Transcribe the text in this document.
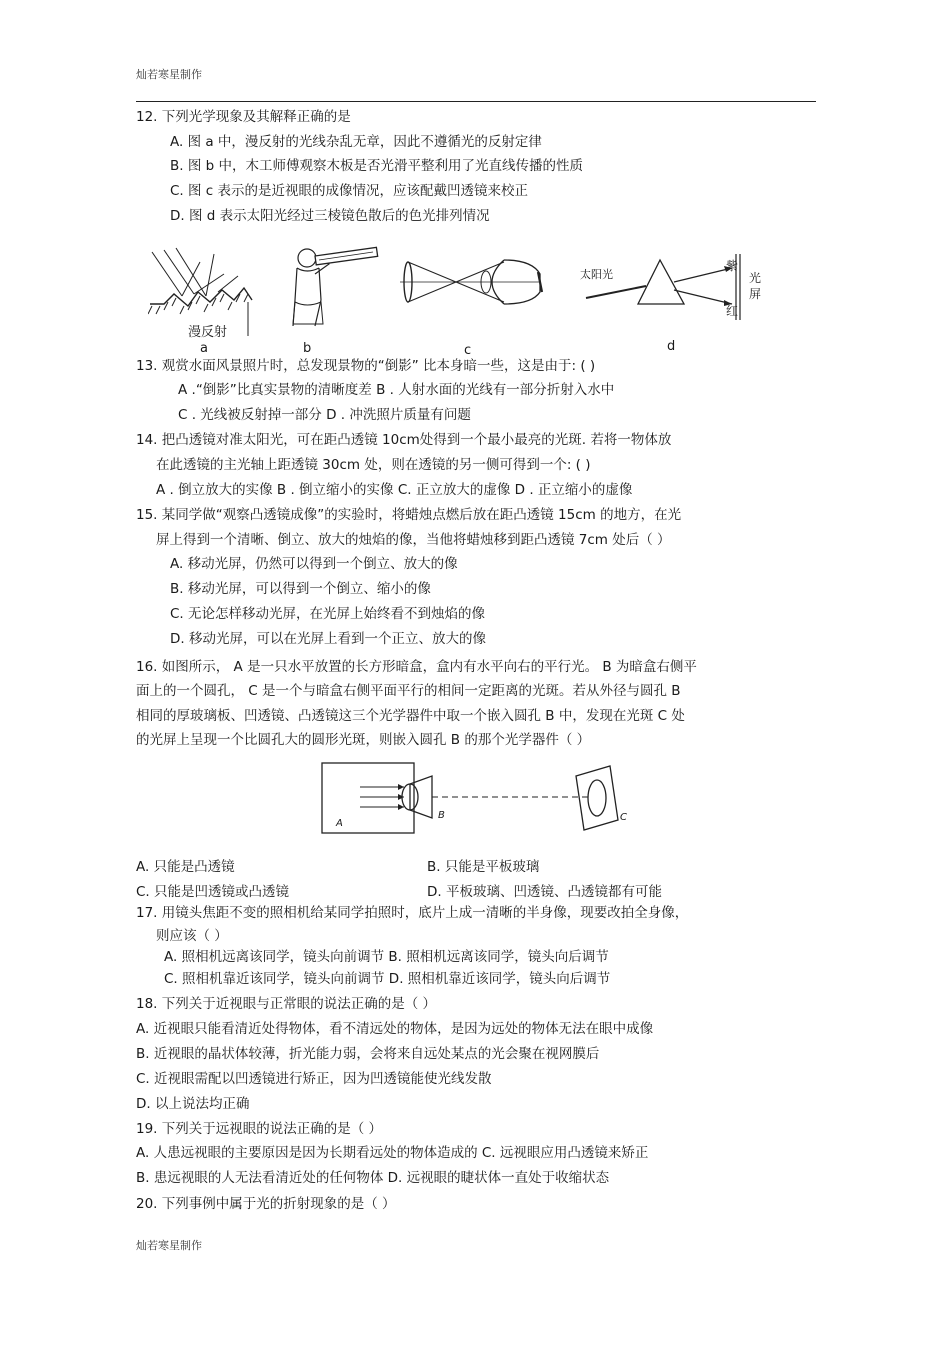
灿若寒星制作
12. 下列光学现象及其解释正确的是
A. 图 a 中，漫反射的光线杂乱无章，因此不遵循光的反射定律
B. 图 b 中，木工师傅观察木板是否光滑平整利用了光直线传播的性质
C. 图 c 表示的是近视眼的成像情况，应该配戴凹透镜来校正
D. 图 d 表示太阳光经过三棱镜色散后的色光排列情况
漫反射
a	b	c
太阳光
紫
红
光屏
d
13. 观赏水面风景照片时，总发现景物的“倒影” 比本身暗一些，这是由于: ( )
A .“倒影”比真实景物的清晰度差 B . 人射水面的光线有一部分折射入水中
C . 光线被反射掉一部分 D . 冲洗照片质量有问题
14. 把凸透镜对准太阳光，可在距凸透镜 10cm处得到一个最小最亮的光斑. 若将一物体放
在此透镜的主光轴上距透镜 30cm 处，则在透镜的另一侧可得到一个: ( )
A . 倒立放大的实像 B . 倒立缩小的实像 C. 正立放大的虚像 D . 正立缩小的虚像
15. 某同学做“观察凸透镜成像”的实验时，将蜡烛点燃后放在距凸透镜 15cm 的地方，在光
屏上得到一个清晰、倒立、放大的烛焰的像，当他将蜡烛移到距凸透镜 7cm 处后（ ）
A. 移动光屏，仍然可以得到一个倒立、放大的像
B. 移动光屏，可以得到一个倒立、缩小的像
C. 无论怎样移动光屏，在光屏上始终看不到烛焰的像
D. 移动光屏，可以在光屏上看到一个正立、放大的像
16. 如图所示， A 是一只水平放置的长方形暗盒，盒内有水平向右的平行光。 B 为暗盒右侧平
面上的一个圆孔， C 是一个与暗盒右侧平面平行的相间一定距离的光斑。若从外径与圆孔 B
相同的厚玻璃板、凹透镜、凸透镜这三个光学器件中取一个嵌入圆孔 B 中，发现在光斑 C 处
的光屏上呈现一个比圆孔大的圆形光斑，则嵌入圆孔 B 的那个光学器件（ ）
A
B	C
A. 只能是凸透镜	B. 只能是平板玻璃
C. 只能是凹透镜或凸透镜	D. 平板玻璃、凹透镜、凸透镜都有可能
17. 用镜头焦距不变的照相机给某同学拍照时，底片上成一清晰的半身像，现要改拍全身像，
则应该（ ）
A. 照相机远离该同学，镜头向前调节 B. 照相机远离该同学，镜头向后调节
C. 照相机靠近该同学，镜头向前调节 D. 照相机靠近该同学，镜头向后调节
18. 下列关于近视眼与正常眼的说法正确的是（ ）
A. 近视眼只能看清近处得物体，看不清远处的物体，是因为远处的物体无法在眼中成像
B. 近视眼的晶状体较薄，折光能力弱，会将来自远处某点的光会聚在视网膜后
C. 近视眼需配以凹透镜进行矫正，因为凹透镜能使光线发散
D. 以上说法均正确
19. 下列关于远视眼的说法正确的是（ ）
A. 人患远视眼的主要原因是因为长期看远处的物体造成的 C. 远视眼应用凸透镜来矫正
B. 患远视眼的人无法看清近处的任何物体 D. 远视眼的睫状体一直处于收缩状态
20. 下列事例中属于光的折射现象的是（ ）
灿若寒星制作
